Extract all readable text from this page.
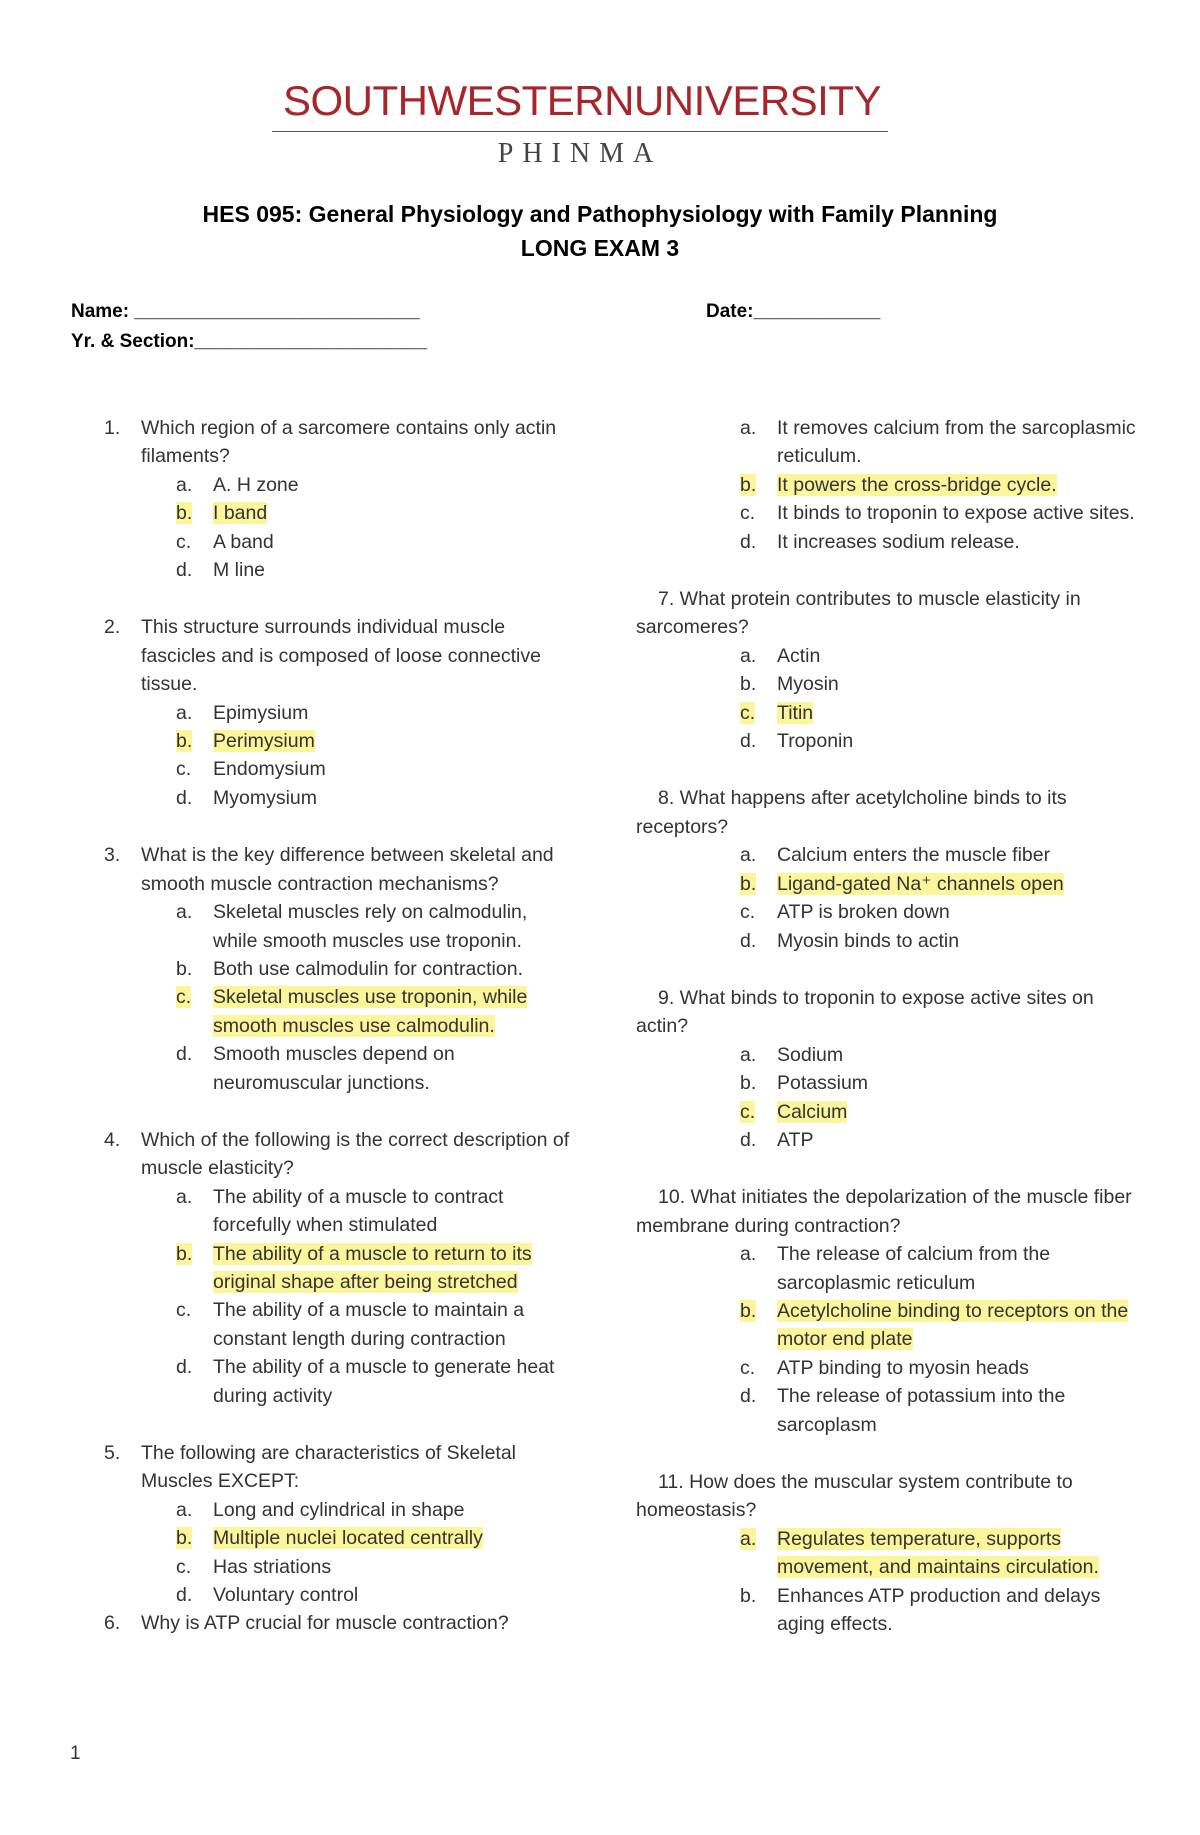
SOUTHWESTERNUNIVERSITY
PHINMA
HES 095: General Physiology and Pathophysiology with Family Planning
LONG EXAM 3
Name: ___________________________	Date:____________
Yr. & Section:______________________
1.	Which region of a sarcomere contains only actin filaments?
a.	A. H zone
b.	I band
c.	A band
d.	M line
2.	This structure surrounds individual muscle fascicles and is composed of loose connective tissue.
a.	Epimysium
b.	Perimysium
c.	Endomysium
d.	Myomysium
3.	What is the key difference between skeletal and smooth muscle contraction mechanisms?
a.	Skeletal muscles rely on calmodulin, while smooth muscles use troponin.
b.	Both use calmodulin for contraction.
c.	Skeletal muscles use troponin, while smooth muscles use calmodulin.
d.	Smooth muscles depend on neuromuscular junctions.
4.	Which of the following is the correct description of muscle elasticity?
a.	The ability of a muscle to contract forcefully when stimulated
b.	The ability of a muscle to return to its original shape after being stretched
c.	The ability of a muscle to maintain a constant length during contraction
d.	The ability of a muscle to generate heat during activity
5.	The following are characteristics of Skeletal Muscles EXCEPT:
a.	Long and cylindrical in shape
b.	Multiple nuclei located centrally
c.	Has striations
d.	Voluntary control
6.	Why is ATP crucial for muscle contraction?
a.	It removes calcium from the sarcoplasmic reticulum.
b.	It powers the cross-bridge cycle.
c.	It binds to troponin to expose active sites.
d.	It increases sodium release.
7. What protein contributes to muscle elasticity in sarcomeres?
a.	Actin
b.	Myosin
c.	Titin
d.	Troponin
8. What happens after acetylcholine binds to its receptors?
a.	Calcium enters the muscle fiber
b.	Ligand-gated Na⁺ channels open
c.	ATP is broken down
d.	Myosin binds to actin
9. What binds to troponin to expose active sites on actin?
a.	Sodium
b.	Potassium
c.	Calcium
d.	ATP
10. What initiates the depolarization of the muscle fiber membrane during contraction?
a.	The release of calcium from the sarcoplasmic reticulum
b.	Acetylcholine binding to receptors on the motor end plate
c.	ATP binding to myosin heads
d.	The release of potassium into the sarcoplasm
11. How does the muscular system contribute to homeostasis?
a.	Regulates temperature, supports movement, and maintains circulation.
b.	Enhances ATP production and delays aging effects.
1
